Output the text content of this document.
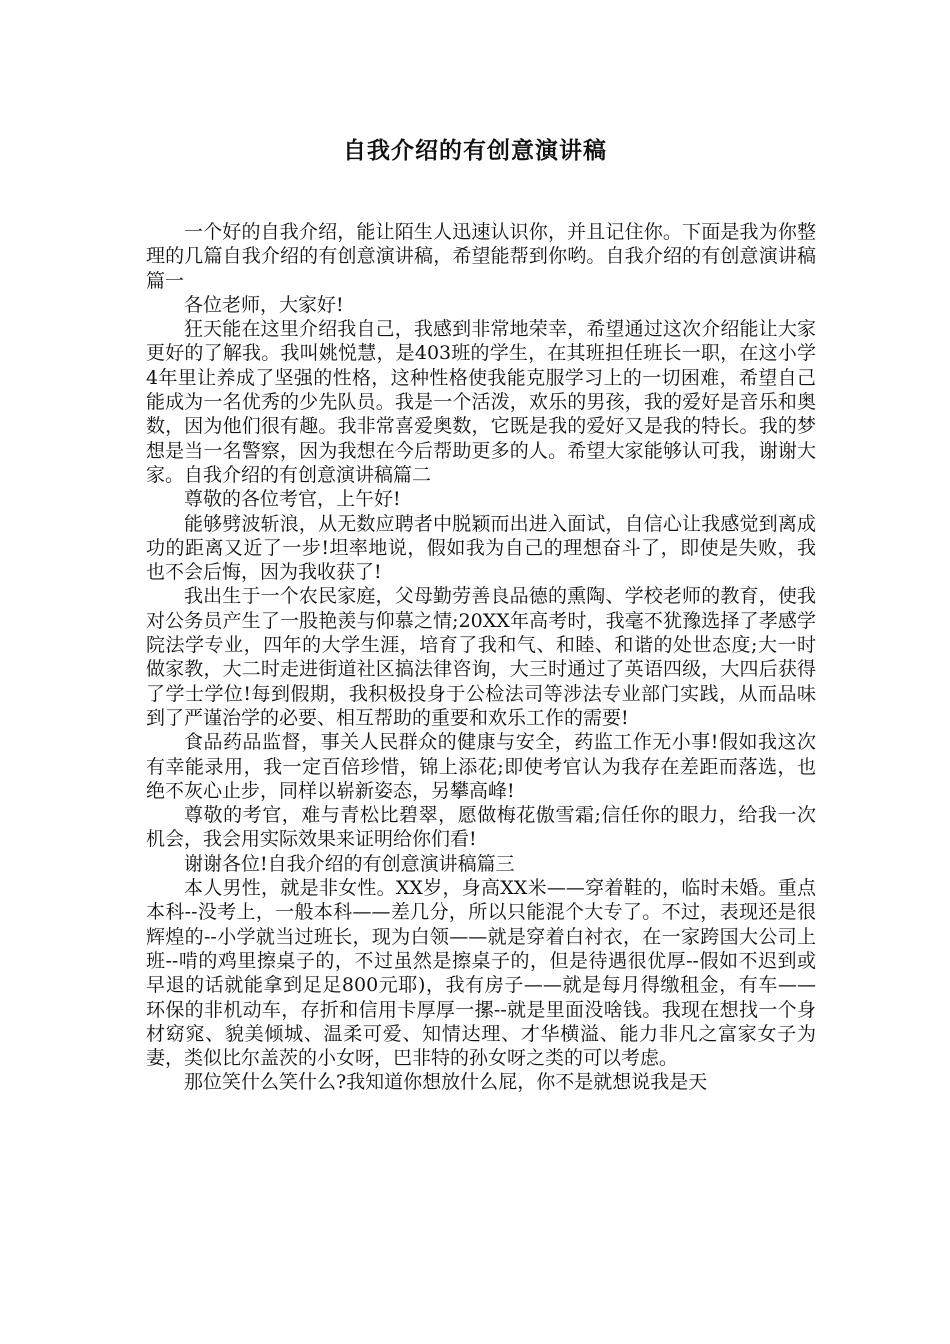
自我介绍的有创意演讲稿

一个好的自我介绍，能让陌生人迅速认识你，并且记住你。下面是我为你整理的几篇自我介绍的有创意演讲稿，希望能帮到你哟。自我介绍的有创意演讲稿篇一

各位老师，大家好!

狂天能在这里介绍我自己，我感到非常地荣幸，希望通过这次介绍能让大家更好的了解我。我叫姚悦慧，是403班的学生，在其班担任班长一职，在这小学4年里让养成了坚强的性格，这种性格使我能克服学习上的一切困难，希望自己能成为一名优秀的少先队员。我是一个活泼，欢乐的男孩，我的爱好是音乐和奥数，因为他们很有趣。我非常喜爱奥数，它既是我的爱好又是我的特长。我的梦想是当一名警察，因为我想在今后帮助更多的人。希望大家能够认可我，谢谢大家。自我介绍的有创意演讲稿篇二

尊敬的各位考官，上午好!

能够劈波斩浪，从无数应聘者中脱颖而出进入面试，自信心让我感觉到离成功的距离又近了一步!坦率地说，假如我为自己的理想奋斗了，即使是失败，我也不会后悔，因为我收获了!

我出生于一个农民家庭，父母勤劳善良品德的熏陶、学校老师的教育，使我对公务员产生了一股艳羡与仰慕之情;20XX年高考时，我毫不犹豫选择了孝感学院法学专业，四年的大学生涯，培育了我和气、和睦、和谐的处世态度;大一时做家教，大二时走进街道社区搞法律咨询，大三时通过了英语四级，大四后获得了学士学位!每到假期，我积极投身于公检法司等涉法专业部门实践，从而品味到了严谨治学的必要、相互帮助的重要和欢乐工作的需要!

食品药品监督，事关人民群众的健康与安全，药监工作无小事!假如我这次有幸能录用，我一定百倍珍惜，锦上添花;即使考官认为我存在差距而落选，也绝不灰心止步，同样以崭新姿态，另攀高峰!

尊敬的考官，难与青松比碧翠，愿做梅花傲雪霜;信任你的眼力，给我一次机会，我会用实际效果来证明给你们看!

谢谢各位!自我介绍的有创意演讲稿篇三

本人男性，就是非女性。XX岁，身高XX米——穿着鞋的，临时未婚。重点本科--没考上，一般本科——差几分，所以只能混个大专了。不过，表现还是很辉煌的--小学就当过班长，现为白领——就是穿着白衬衣，在一家跨国大公司上班--啃的鸡里擦桌子的，不过虽然是擦桌子的，但是待遇很优厚--假如不迟到或早退的话就能拿到足足800元耶)，我有房子——就是每月得缴租金，有车——环保的非机动车，存折和信用卡厚厚一摞--就是里面没啥钱。我现在想找一个身材窈窕、貌美倾城、温柔可爱、知情达理、才华横溢、能力非凡之富家女子为妻，类似比尔盖茨的小女呀，巴非特的孙女呀之类的可以考虑。

那位笑什么笑什么?我知道你想放什么屁，你不是就想说我是天
